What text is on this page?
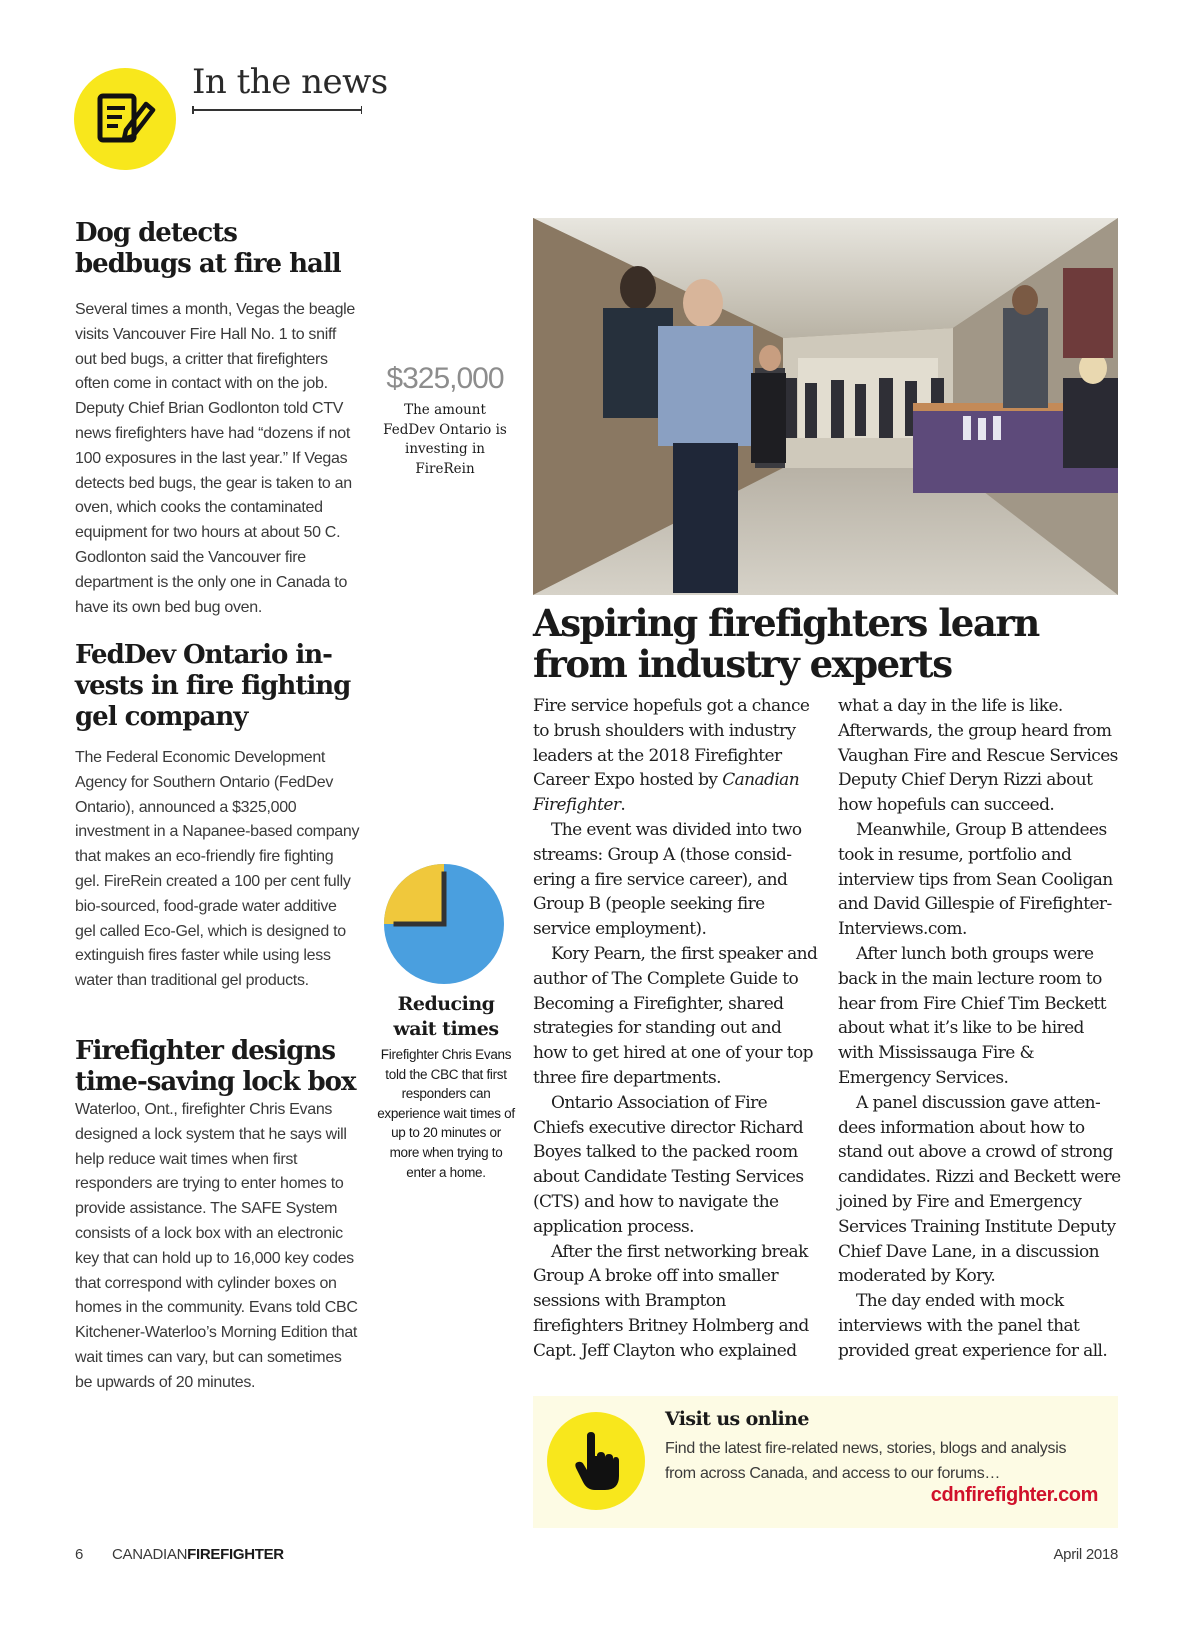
In the news
Dog detects bedbugs at fire hall

Several times a month, Vegas the beagle visits Vancouver Fire Hall No. 1 to sniff out bed bugs, a critter that firefighters often come in contact with on the job. Deputy Chief Brian Godlonton told CTV news firefighters have had “dozens if not 100 exposures in the last year.” If Vegas detects bed bugs, the gear is taken to an oven, which cooks the contaminated equipment for two hours at about 50 C. Godlonton said the Vancouver fire department is the only one in Canada to have its own bed bug oven.

FedDev Ontario in-vests in fire fighting gel company

The Federal Economic Development Agency for Southern Ontario (FedDev Ontario), announced a $325,000 investment in a Napanee-based company that makes an eco-friendly fire fighting gel. FireRein created a 100 per cent fully bio-sourced, food-grade water additive gel called Eco-Gel, which is designed to extinguish fires faster while using less water than traditional gel products.

Firefighter designs time-saving lock box

Waterloo, Ont., firefighter Chris Evans designed a lock system that he says will help reduce wait times when first responders are trying to enter homes to provide assistance. The SAFE System consists of a lock box with an electronic key that can hold up to 16,000 key codes that correspond with cylinder boxes on homes in the community. Evans told CBC Kitchener-Waterloo’s Morning Edition that wait times can vary, but can sometimes be upwards of 20 minutes.

$325,000
The amount FedDev Ontario is investing in FireRein
Reducing wait times
Firefighter Chris Evans told the CBC that first responders can experience wait times of up to 20 minutes or more when trying to enter a home.
Aspiring firefighters learn from industry experts

Fire service hopefuls got a chance to brush shoulders with industry leaders at the 2018 Firefighter Career Expo hosted by Canadian Firefighter.

The event was divided into two streams: Group A (those consid-ering a fire service career), and Group B (people seeking fire service employment).

Kory Pearn, the first speaker and author of The Complete Guide to Becoming a Firefighter, shared strategies for standing out and how to get hired at one of your top three fire departments.

Ontario Association of Fire Chiefs executive director Richard Boyes talked to the packed room about Candidate Testing Services (CTS) and how to navigate the application process.

After the first networking break Group A broke off into smaller sessions with Brampton firefighters Britney Holmberg and Capt. Jeff Clayton who explained

what a day in the life is like. Afterwards, the group heard from Vaughan Fire and Rescue Services Deputy Chief Deryn Rizzi about how hopefuls can succeed.

Meanwhile, Group B attendees took in resume, portfolio and interview tips from Sean Cooligan and David Gillespie of Firefighter-Interviews.com.

After lunch both groups were back in the main lecture room to hear from Fire Chief Tim Beckett about what it’s like to be hired with Mississauga Fire & Emergency Services.

A panel discussion gave atten-dees information about how to stand out above a crowd of strong candidates. Rizzi and Beckett were joined by Fire and Emergency Services Training Institute Deputy Chief Dave Lane, in a discussion moderated by Kory.

The day ended with mock interviews with the panel that provided great experience for all.

Visit us online
Find the latest fire-related news, stories, blogs and analysis from across Canada, and access to our forums…
cdnfirefighter.com
6 CANADIANFIREFIGHTER	April 2018
